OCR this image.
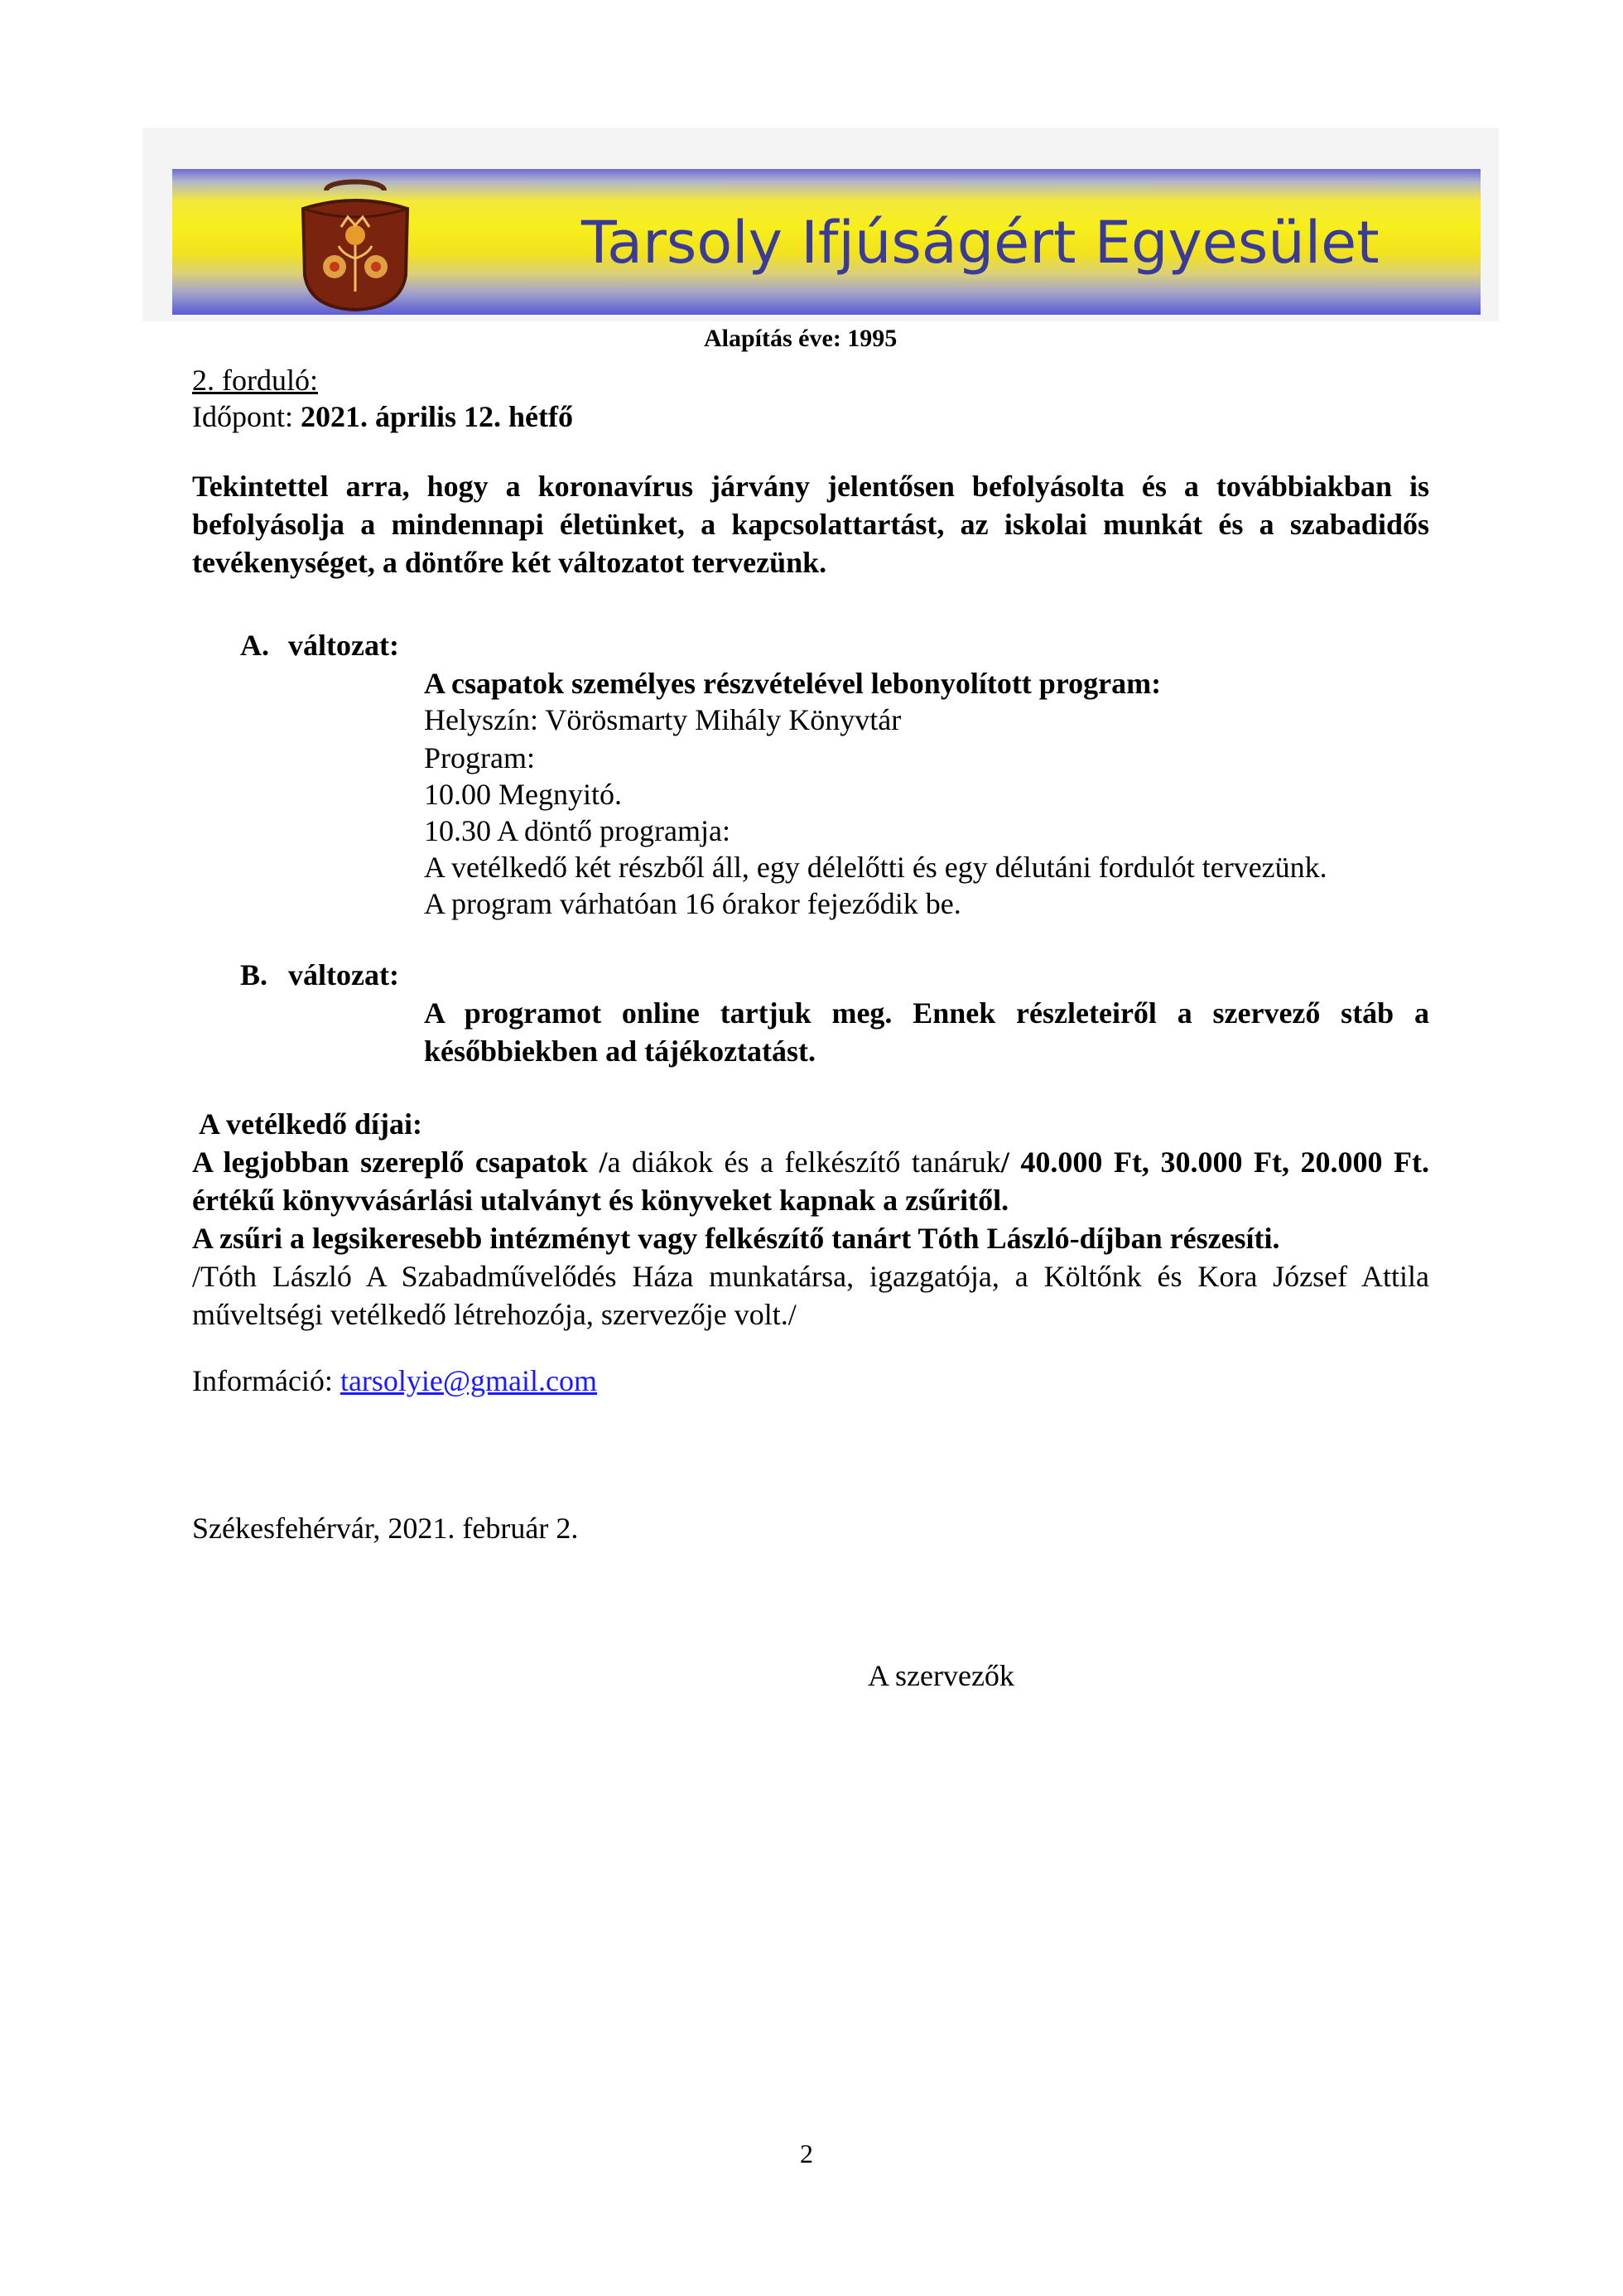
Tarsoly Ifjúságért Egyesület
Alapítás éve: 1995
2. forduló:
Időpont: 2021. április 12. hétfő
Tekintettel arra, hogy a koronavírus járvány jelentősen befolyásolta és a továbbiakban is befolyásolja a mindennapi életünket, a kapcsolattartást, az iskolai munkát és a szabadidős tevékenységet, a döntőre két változatot tervezünk.
A. változat:
A csapatok személyes részvételével lebonyolított program:
Helyszín: Vörösmarty Mihály Könyvtár
Program:
10.00 Megnyitó.
10.30 A döntő programja:
A vetélkedő két részből áll, egy délelőtti és egy délutáni fordulót tervezünk.
A program várhatóan 16 órakor fejeződik be.
B. változat:
A programot online tartjuk meg. Ennek részleteiről a szervező stáb a későbbiekben ad tájékoztatást.
A vetélkedő díjai:
A legjobban szereplő csapatok /a diákok és a felkészítő tanáruk/ 40.000 Ft, 30.000 Ft, 20.000 Ft. értékű könyvvásárlási utalványt és könyveket kapnak a zsűritől.
A zsűri a legsikeresebb intézményt vagy felkészítő tanárt Tóth László-díjban részesíti.
/Tóth László A Szabadművelődés Háza munkatársa, igazgatója, a Költőnk és Kora József Attila műveltségi vetélkedő létrehozója, szervezője volt./
Információ: tarsolyie@gmail.com
Székesfehérvár, 2021. február 2.
A szervezők
2
